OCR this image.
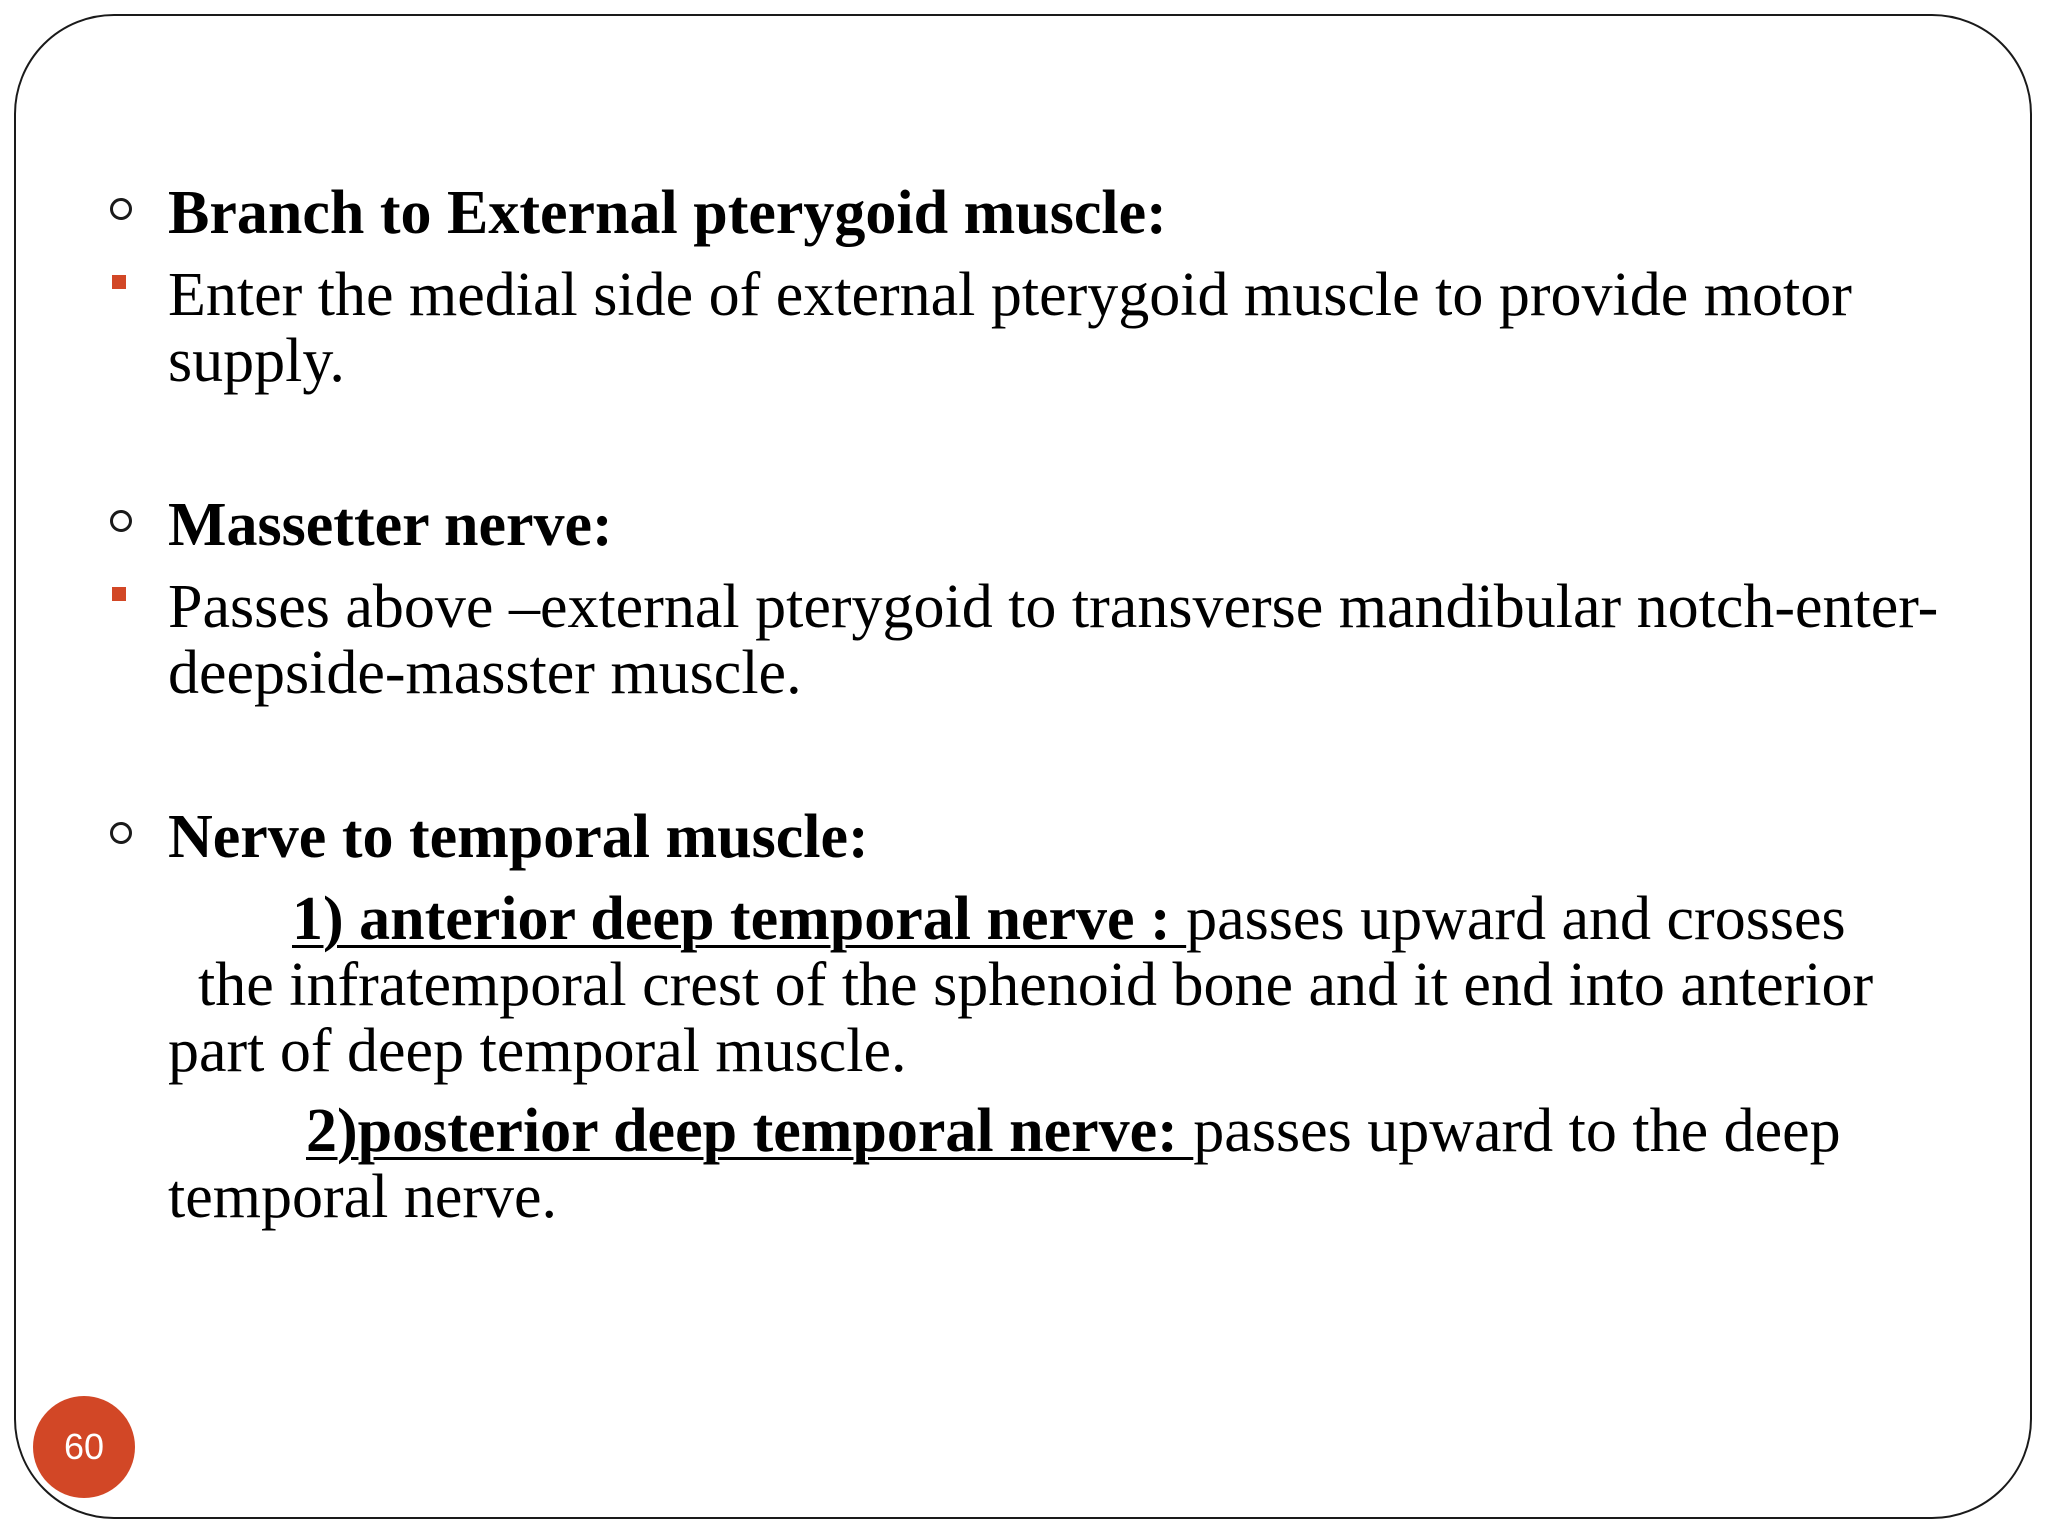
Branch to External pterygoid muscle:
Enter the medial side of external pterygoid muscle to provide motor supply.
Massetter nerve:
Passes above –external pterygoid to transverse mandibular notch-enter-deepside-masster muscle.
Nerve to temporal muscle:
1) anterior deep temporal nerve : passes upward and crosses
the infratemporal crest of the sphenoid bone and it end into anterior
part of deep temporal muscle.
2)posterior deep temporal nerve: passes upward to the deep
temporal nerve.
60
